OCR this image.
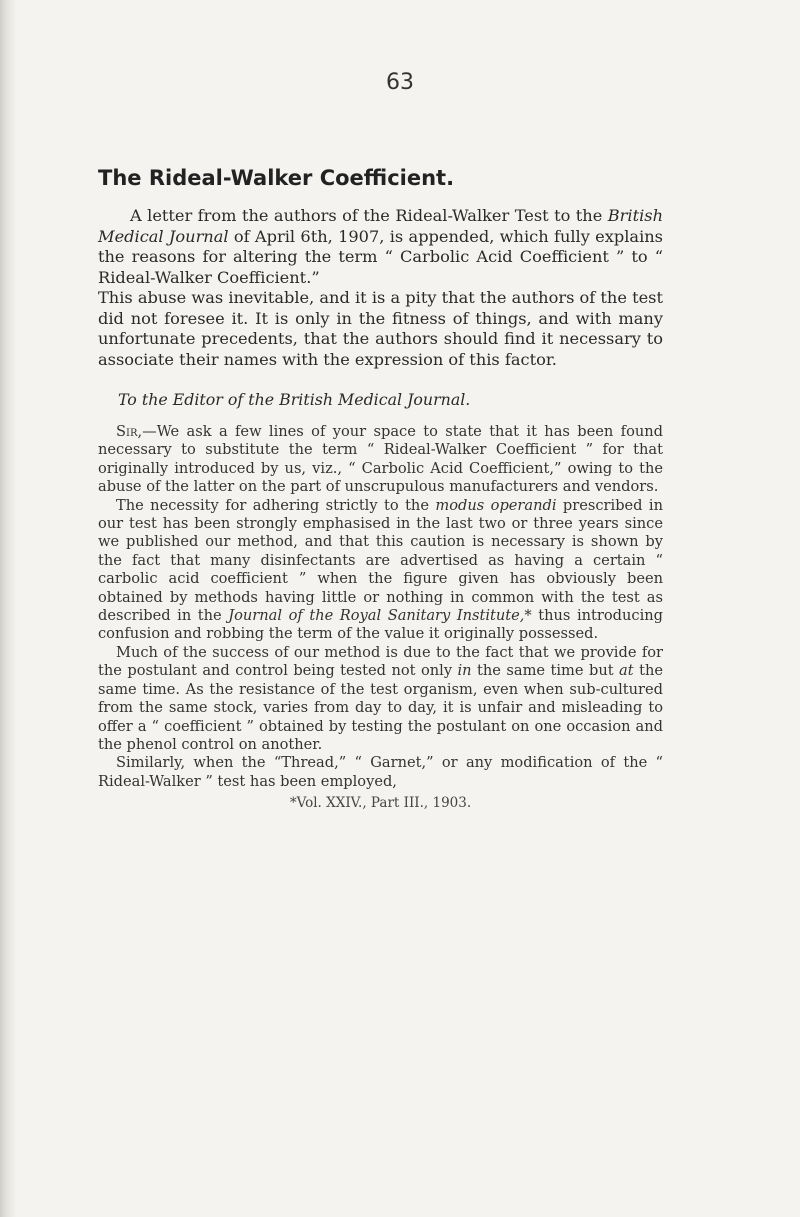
63
The Rideal-Walker Coefficient.

A letter from the authors of the Rideal-Walker Test to the British Medical Journal of April 6th, 1907, is appended, which fully explains the reasons for altering the term “ Carbolic Acid Coefficient ” to “ Rideal-Walker Coefficient.”

This abuse was inevitable, and it is a pity that the authors of the test did not foresee it. It is only in the fitness of things, and with many unfortunate precedents, that the authors should find it necessary to associate their names with the expression of this factor.

To the Editor of the British Medical Journal.

Sir,—We ask a few lines of your space to state that it has been found necessary to substitute the term “ Rideal-Walker Coefficient ” for that originally introduced by us, viz., “ Carbolic Acid Coefficient,” owing to the abuse of the latter on the part of unscrupulous manufacturers and vendors.

The necessity for adhering strictly to the modus operandi prescribed in our test has been strongly emphasised in the last two or three years since we published our method, and that this caution is necessary is shown by the fact that many disinfectants are advertised as having a certain “ carbolic acid coefficient ” when the figure given has obviously been obtained by methods having little or nothing in common with the test as described in the Journal of the Royal Sanitary Institute,* thus introducing confusion and robbing the term of the value it originally possessed.

Much of the success of our method is due to the fact that we provide for the postulant and control being tested not only in the same time but at the same time. As the resistance of the test organism, even when sub-cultured from the same stock, varies from day to day, it is unfair and misleading to offer a “ coefficient ” obtained by testing the postulant on one occasion and the phenol control on another.

Similarly, when the “Thread,” “ Garnet,” or any modification of the “ Rideal-Walker ” test has been employed,

*Vol. XXIV., Part III., 1903.
